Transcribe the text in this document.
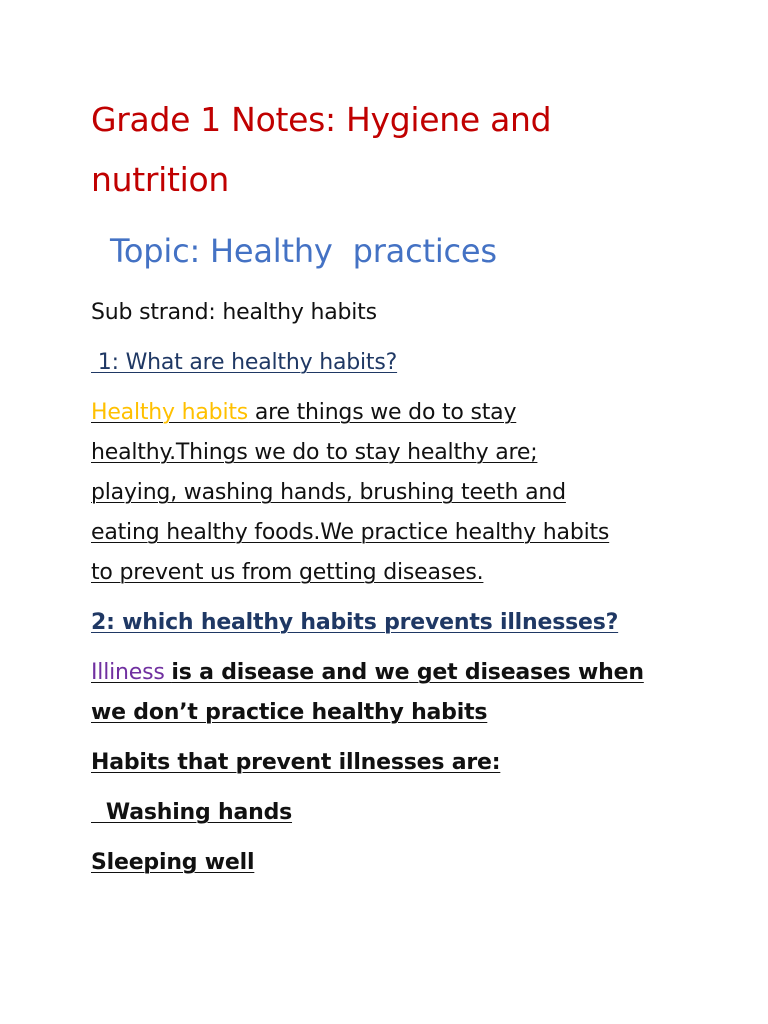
Grade 1 Notes: Hygiene and
nutrition
Topic: Healthy  practices
Sub strand: healthy habits
1: What are healthy habits?
Healthy habits are things we do to stay
healthy.Things we do to stay healthy are;
playing, washing hands, brushing teeth and
eating healthy foods.We practice healthy habits
to prevent us from getting diseases.
2: which healthy habits prevents illnesses?
Illiness is a disease and we get diseases when
we don’t practice healthy habits
Habits that prevent illnesses are:
Washing hands
Sleeping well
